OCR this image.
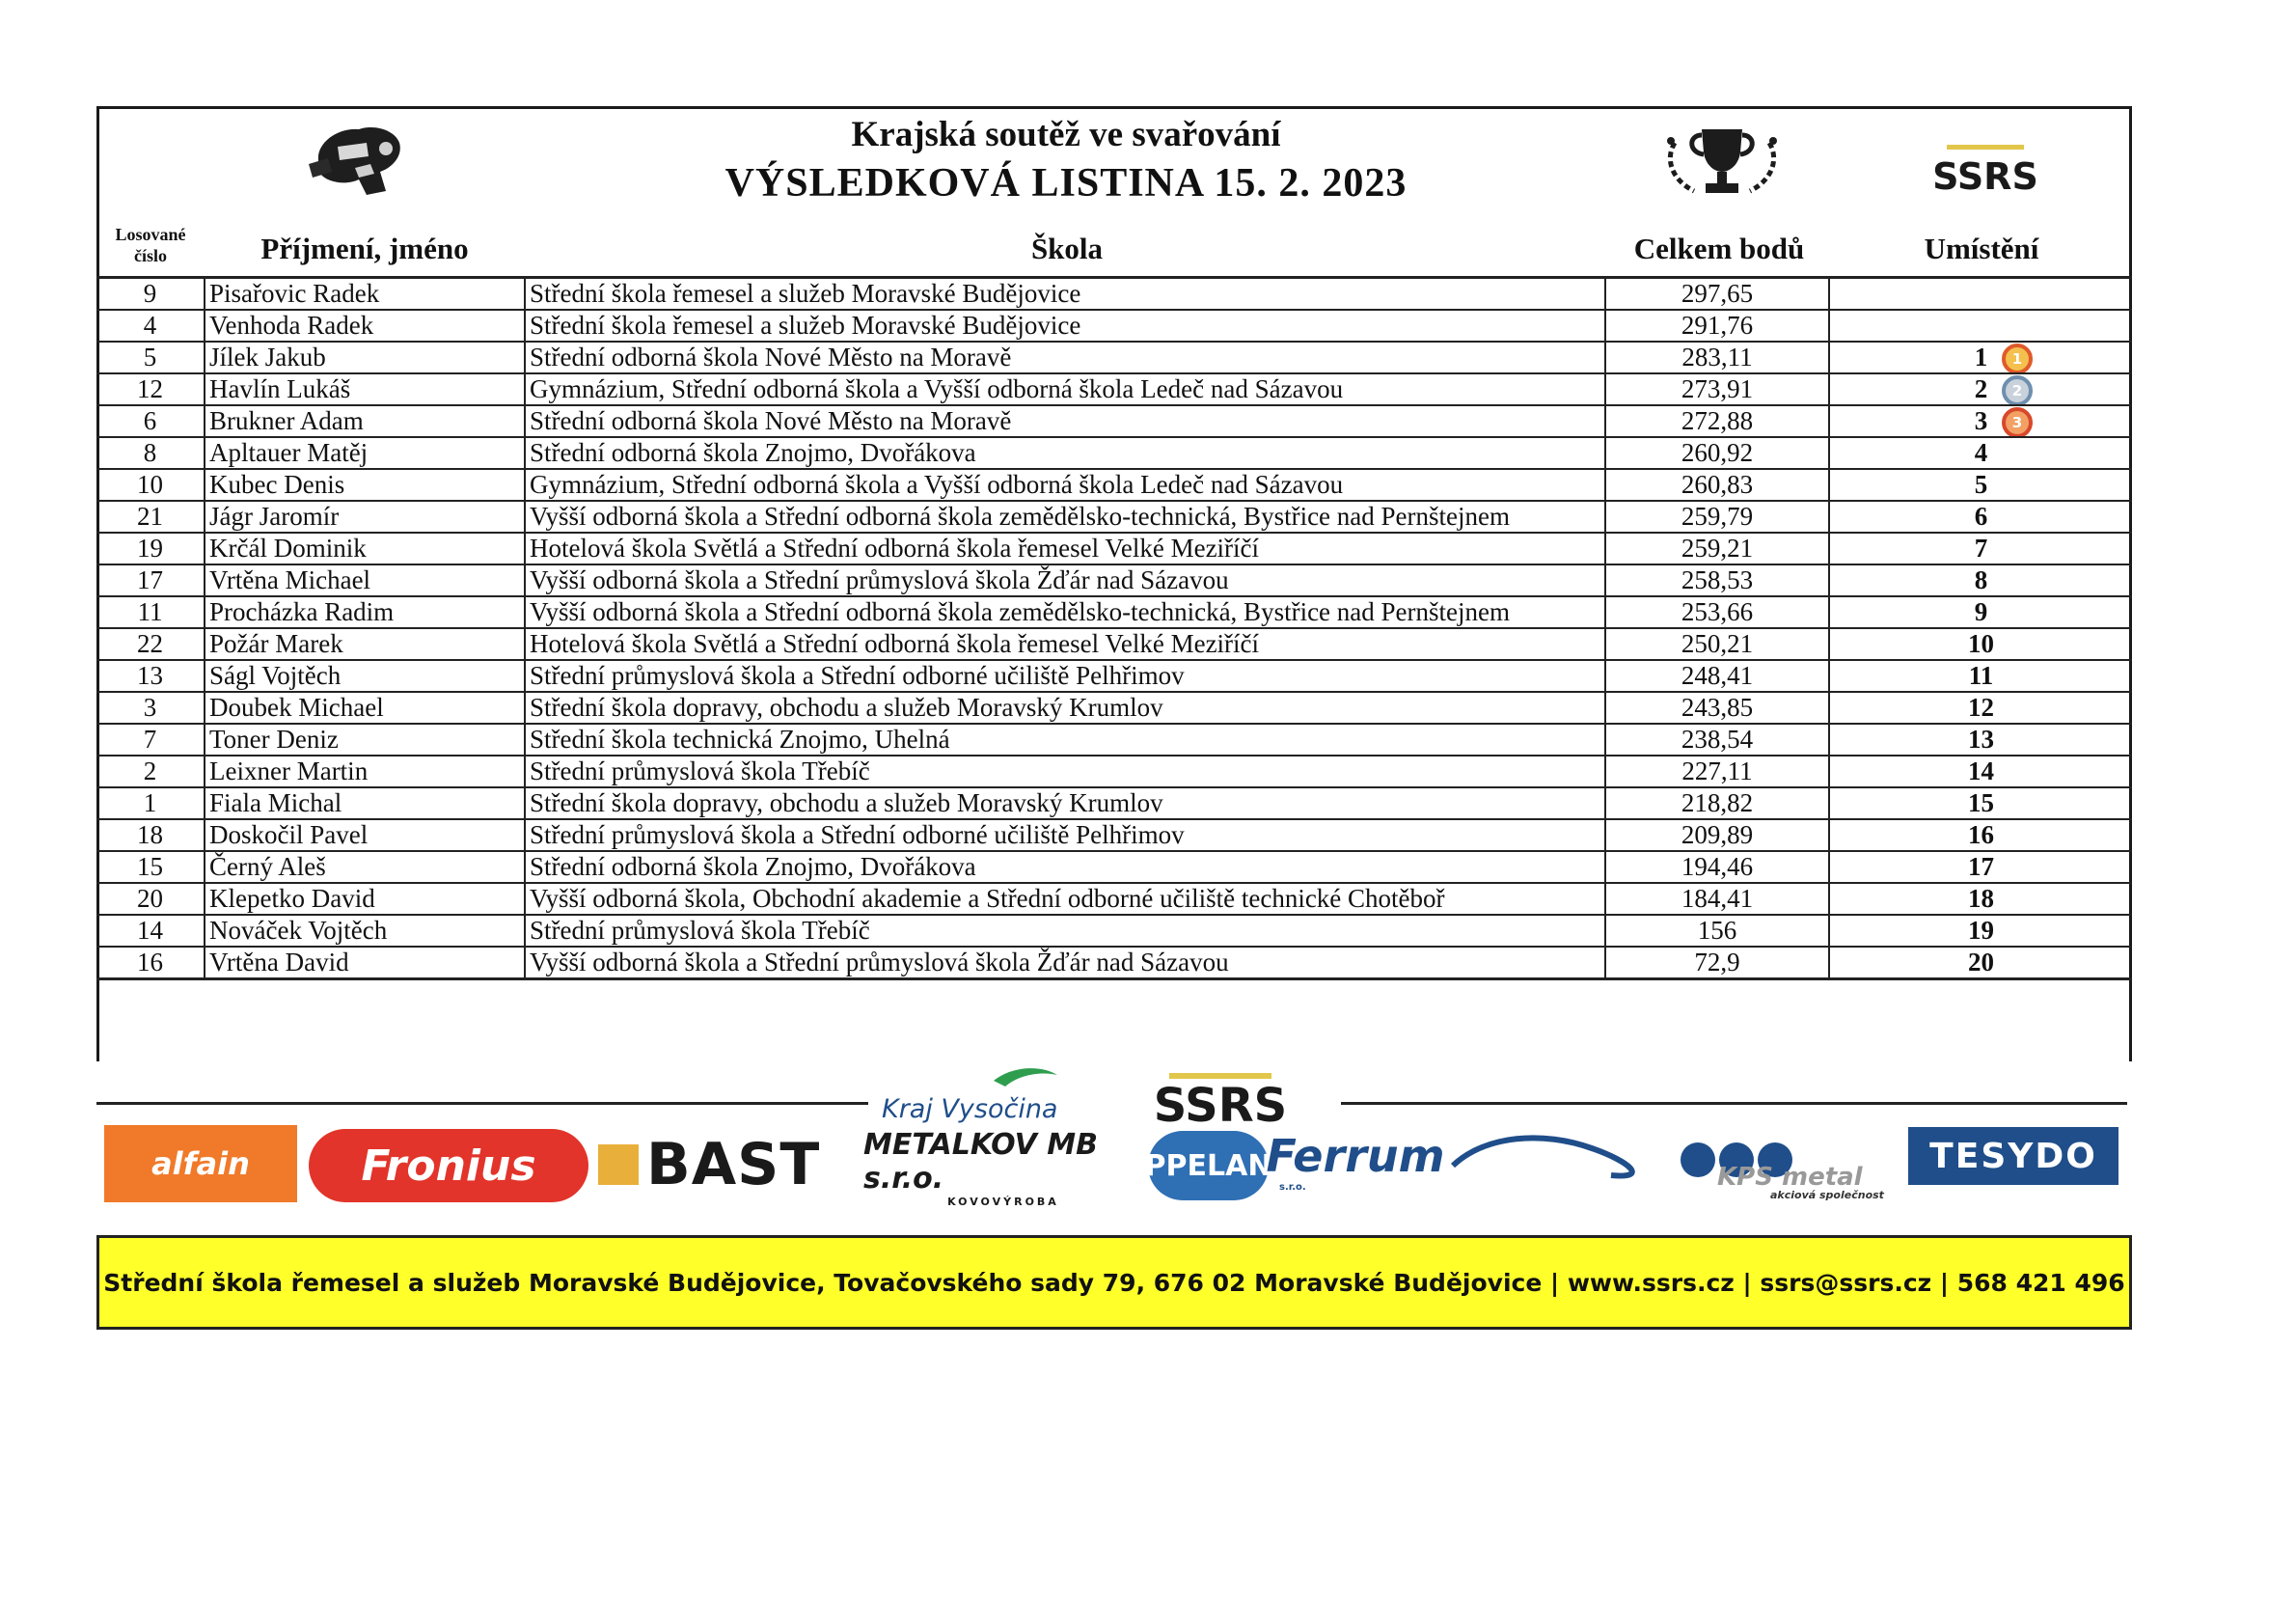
Krajská soutěž ve svařování
VÝSLEDKOVÁ LISTINA 15. 2. 2023	SSRS
Losované číslo	Příjmení, jméno	Škola	Celkem bodů	Umístění
9	Pisařovic Radek	Střední škola řemesel a služeb Moravské Budějovice	297,65	
4	Venhoda Radek	Střední škola řemesel a služeb Moravské Budějovice	291,76	
5	Jílek Jakub	Střední odborná škola Nové Město na Moravě	283,11	1 1

12	Havlín Lukáš	Gymnázium, Střední odborná škola a Vyšší odborná škola Ledeč nad Sázavou	273,91	2 2

6	Brukner Adam	Střední odborná škola Nové Město na Moravě	272,88	3 3

8	Apltauer Matěj	Střední odborná škola Znojmo, Dvořákova	260,92	4
10	Kubec Denis	Gymnázium, Střední odborná škola a Vyšší odborná škola Ledeč nad Sázavou	260,83	5
21	Jágr Jaromír	Vyšší odborná škola a Střední odborná škola zemědělsko-technická, Bystřice nad Pernštejnem	259,79	6
19	Krčál Dominik	Hotelová škola Světlá a Střední odborná škola řemesel Velké Meziříčí	259,21	7
17	Vrtěna Michael	Vyšší odborná škola a Střední průmyslová škola Žďár nad Sázavou	258,53	8
11	Procházka Radim	Vyšší odborná škola a Střední odborná škola zemědělsko-technická, Bystřice nad Pernštejnem	253,66	9
22	Požár Marek	Hotelová škola Světlá a Střední odborná škola řemesel Velké Meziříčí	250,21	10
13	Ságl Vojtěch	Střední průmyslová škola a Střední odborné učiliště Pelhřimov	248,41	11
3	Doubek Michael	Střední škola dopravy, obchodu a služeb Moravský Krumlov	243,85	12
7	Toner Deniz	Střední škola technická Znojmo, Uhelná	238,54	13
2	Leixner Martin	Střední průmyslová škola Třebíč	227,11	14
1	Fiala Michal	Střední škola dopravy, obchodu a služeb Moravský Krumlov	218,82	15
18	Doskočil Pavel	Střední průmyslová škola a Střední odborné učiliště Pelhřimov	209,89	16
15	Černý Aleš	Střední odborná škola Znojmo, Dvořákova	194,46	17
20	Klepetko David	Vyšší odborná škola, Obchodní akademie a Střední odborné učiliště technické Chotěboř	184,41	18
14	Nováček Vojtěch	Střední průmyslová škola Třebíč	156	19
16	Vrtěna David	Vyšší odborná škola a Střední průmyslová škola Žďár nad Sázavou	72,9	20
Kraj Vysočina SSRS
alfain	Fronius	BAST METALKOV MB s.r.o.
KOVOVÝROBA
PPELAN
Ferrum
s.r.o.	KPS metal
akciová společnost
TESYDO
Střední škola řemesel a služeb Moravské Budějovice, Tovačovského sady 79, 676 02 Moravské Budějovice | www.ssrs.cz | ssrs@ssrs.cz | 568 421 496
